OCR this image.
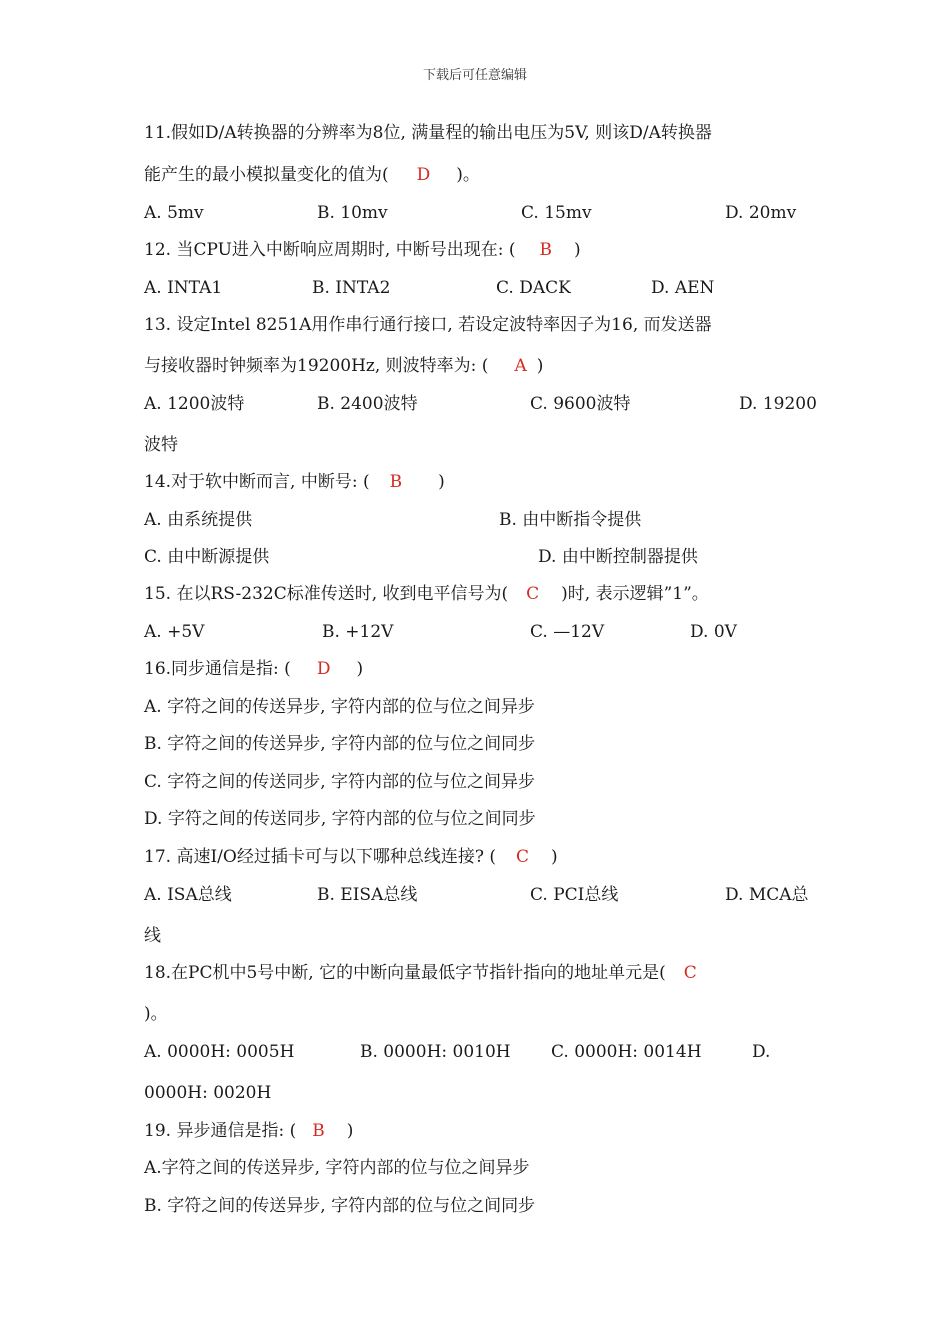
下载后可任意编辑
11.假如D/A转换器的分辨率为8位, 满量程的输出电压为5V, 则该D/A转换器
能产生的最小模拟量变化的值为( D )。
A. 5mv	B. 10mv	C. 15mv	D. 20mv
12. 当CPU进入中断响应周期时, 中断号出现在: ( B )
A. INTA1	B. INTA2	C. DACK	D. AEN
13. 设定Intel 8251A用作串行通行接口, 若设定波特率因子为16, 而发送器
与接收器时钟频率为19200Hz, 则波特率为: ( A )
A. 1200波特	B. 2400波特	C. 9600波特	D. 19200
波特
14.对于软中断而言, 中断号: ( B )
A. 由系统提供	B. 由中断指令提供
C. 由中断源提供	D. 由中断控制器提供
15. 在以RS-232C标准传送时, 收到电平信号为( C )时, 表示逻辑”1”。
A. +5V	B. +12V	C. —12V	D. 0V
16.同步通信是指: ( D )
A. 字符之间的传送异步, 字符内部的位与位之间异步
B. 字符之间的传送异步, 字符内部的位与位之间同步
C. 字符之间的传送同步, 字符内部的位与位之间异步
D. 字符之间的传送同步, 字符内部的位与位之间同步
17. 高速I/O经过插卡可与以下哪种总线连接? ( C )
A. ISA总线	B. EISA总线	C. PCI总线	D. MCA总
线
18.在PC机中5号中断, 它的中断向量最低字节指针指向的地址单元是( C
)。
A. 0000H: 0005H	B. 0000H: 0010H C. 0000H: 0014H	D.
0000H: 0020H
19. 异步通信是指: ( B )
A.字符之间的传送异步, 字符内部的位与位之间异步
B. 字符之间的传送异步, 字符内部的位与位之间同步
